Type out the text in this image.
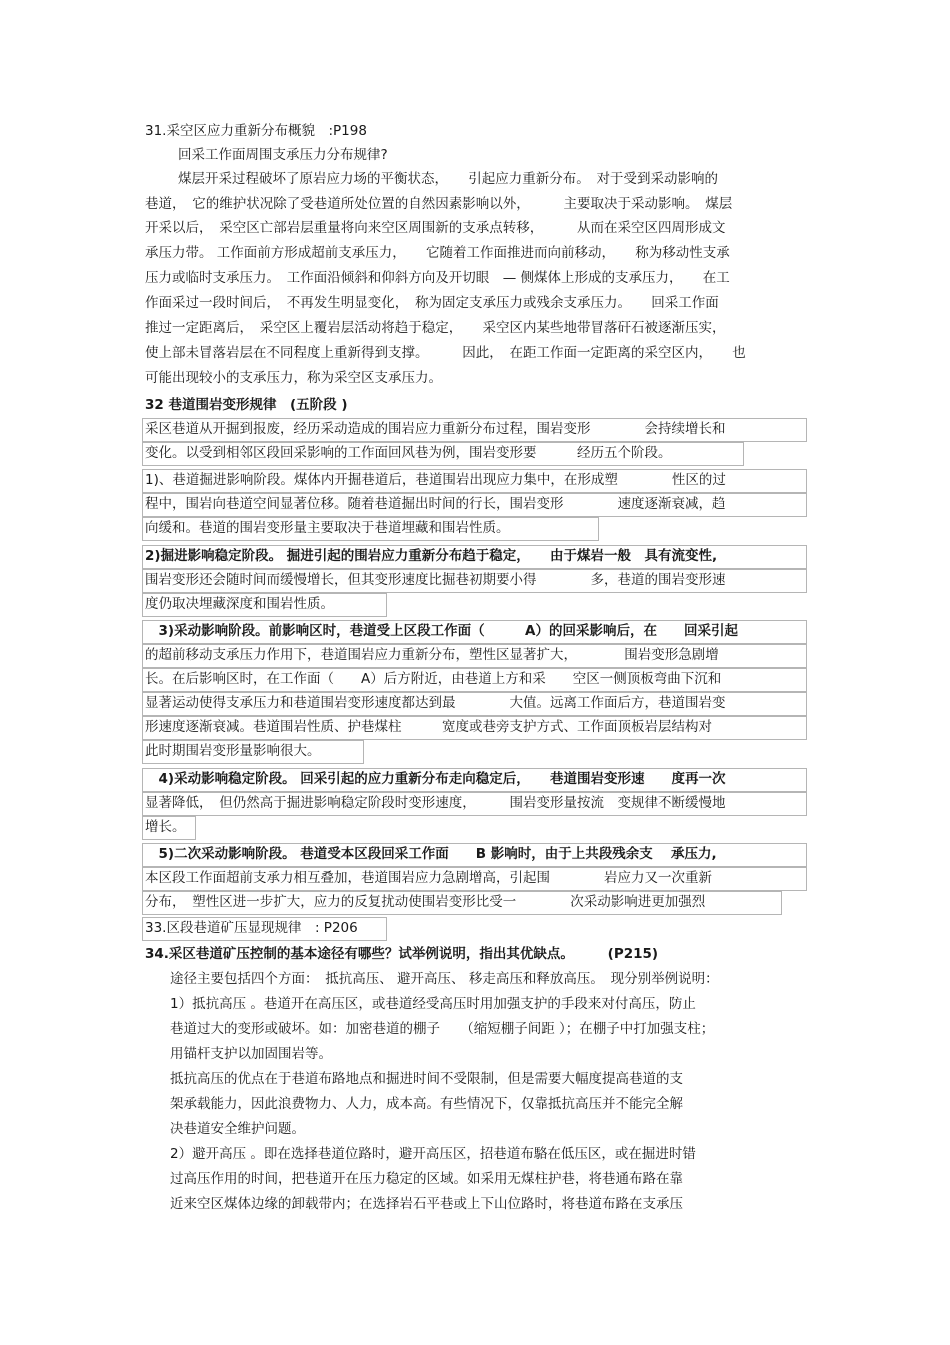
31.采空区应力重新分布概貌　:P198
回采工作面周围支承压力分布规律?
煤层开采过程破坏了原岩应力场的平衡状态，　　引起应力重新分布。　对于受到采动影响的
巷道，　它的维护状况除了受巷道所处位置的自然因素影响以外，　　　主要取决于采动影响。　煤层
开采以后，　采空区亡部岩层重量将向来空区周围新的支承点转移，　　　从而在采空区四周形成文
承压力带。 工作面前方形成超前支承压力，　　它随着工作面推进而向前移动，　　称为移动性支承
压力或临时支承压力。　工作面沿倾斜和仰斜方向及开切眼　— 侧煤体上形成的支承压力，　　在工
作面采过一段时间后，　不再发生明显变化，　称为固定支承压力或残余支承压力。　　回采工作面
推过一定距离后，　采空区上覆岩层活动将趋于稳定，　　采空区内某些地带冒落矸石被逐渐压实，
使上部未冒落岩层在不同程度上重新得到支撑。　　　因此，　在距工作面一定距离的采空区内，　　也
可能出现较小的支承压力，称为采空区支承压力。
32 巷道围岩变形规律　(五阶段 )
采区巷道从开掘到报废，经历采动造成的围岩应力重新分布过程，围岩变形　　　　会持续增长和
变化。以受到相邻区段回采影响的工作面回风巷为例，围岩变形要　　　经历五个阶段。
1)、巷道掘进影响阶段。煤体内开掘巷道后，巷道围岩出现应力集中，在形成塑　　　　性区的过
程中，围岩向巷道空间显著位移。随着巷道掘出时间的行长，围岩变形　　　　速度逐渐衰减，趋
向缓和。巷道的围岩变形量主要取决于巷道埋藏和围岩性质。
2)掘进影响稳定阶段。 掘进引起的围岩应力重新分布趋于稳定，　　由于煤岩一般　具有流变性,
围岩变形还会随时间而缓慢增长，但其变形速度比掘巷初期要小得　　　　多，巷道的围岩变形速
度仍取决埋藏深度和围岩性质。
　3)采动影响阶段。前影响区时，巷道受上区段工作面（　　　A）的回采影响后，在　　回采引起
的超前移动支承压力作用下，巷道围岩应力重新分布，塑性区显著扩大，　　　　围岩变形急剧增
长。在后影响区时，在工作面（　　A）后方附近，由巷道上方和采　　空区一侧顶板弯曲下沉和
显著运动使得支承压力和巷道围岩变形速度都达到最　　　　大值。远离工作面后方，巷道围岩变
形速度逐渐衰减。巷道围岩性质、护巷煤柱　　　宽度或巷旁支护方式、工作面顶板岩层结构对
此时期围岩变形量影响很大。
　4)采动影响稳定阶段。 回采引起的应力重新分布走向稳定后，　　巷道围岩变形速　　度再一次
显著降低，　但仍然高于掘进影响稳定阶段时变形速度，　　　围岩变形量按流　变规律不断缓慢地
增长。
　5)二次采动影响阶段。 巷道受本区段回采工作面　　B 影响时，由于上共段残余支　 承压力,
本区段工作面超前支承力相互叠加，巷道围岩应力急剧增高，引起围　　　　岩应力又一次重新
分布，　塑性区进一步扩大，应力的反复扰动使围岩变形比受一　　　　次采动影响进更加强烈
33.区段巷道矿压显现规律　: P206
34.采区巷道矿压控制的基本途径有哪些？试举例说明，指出其优缺点。　　　(P215)
途径主要包括四个方面：　抵抗高压、 避开高压、 移走高压和释放高压。　现分别举例说明：
1）抵抗高压 。巷道开在高压区，或巷道经受高压时用加强支护的手段来对付高压，防止
巷道过大的变形或破坏。如：加密巷道的棚子　　（缩短棚子间距 ）；在棚子中打加强支柱；
用锚杆支护以加固围岩等。
抵抗高压的优点在于巷道布路地点和掘进时间不受限制，但是需要大幅度提高巷道的支
架承载能力，因此浪费物力、人力，成本高。有些情况下，仅靠抵抗高压并不能完全解
决巷道安全维护问题。
2）避开高压 。即在选择巷道位路时，避开高压区，招巷道布駱在低压区，或在掘进时错
过高压作用的时间，把巷道开在压力稳定的区域。如采用无煤柱护巷，将巷通布路在靠
近来空区煤体边缘的卸载带内；在选择岩石平巷或上下山位路时，将巷道布路在支承压
